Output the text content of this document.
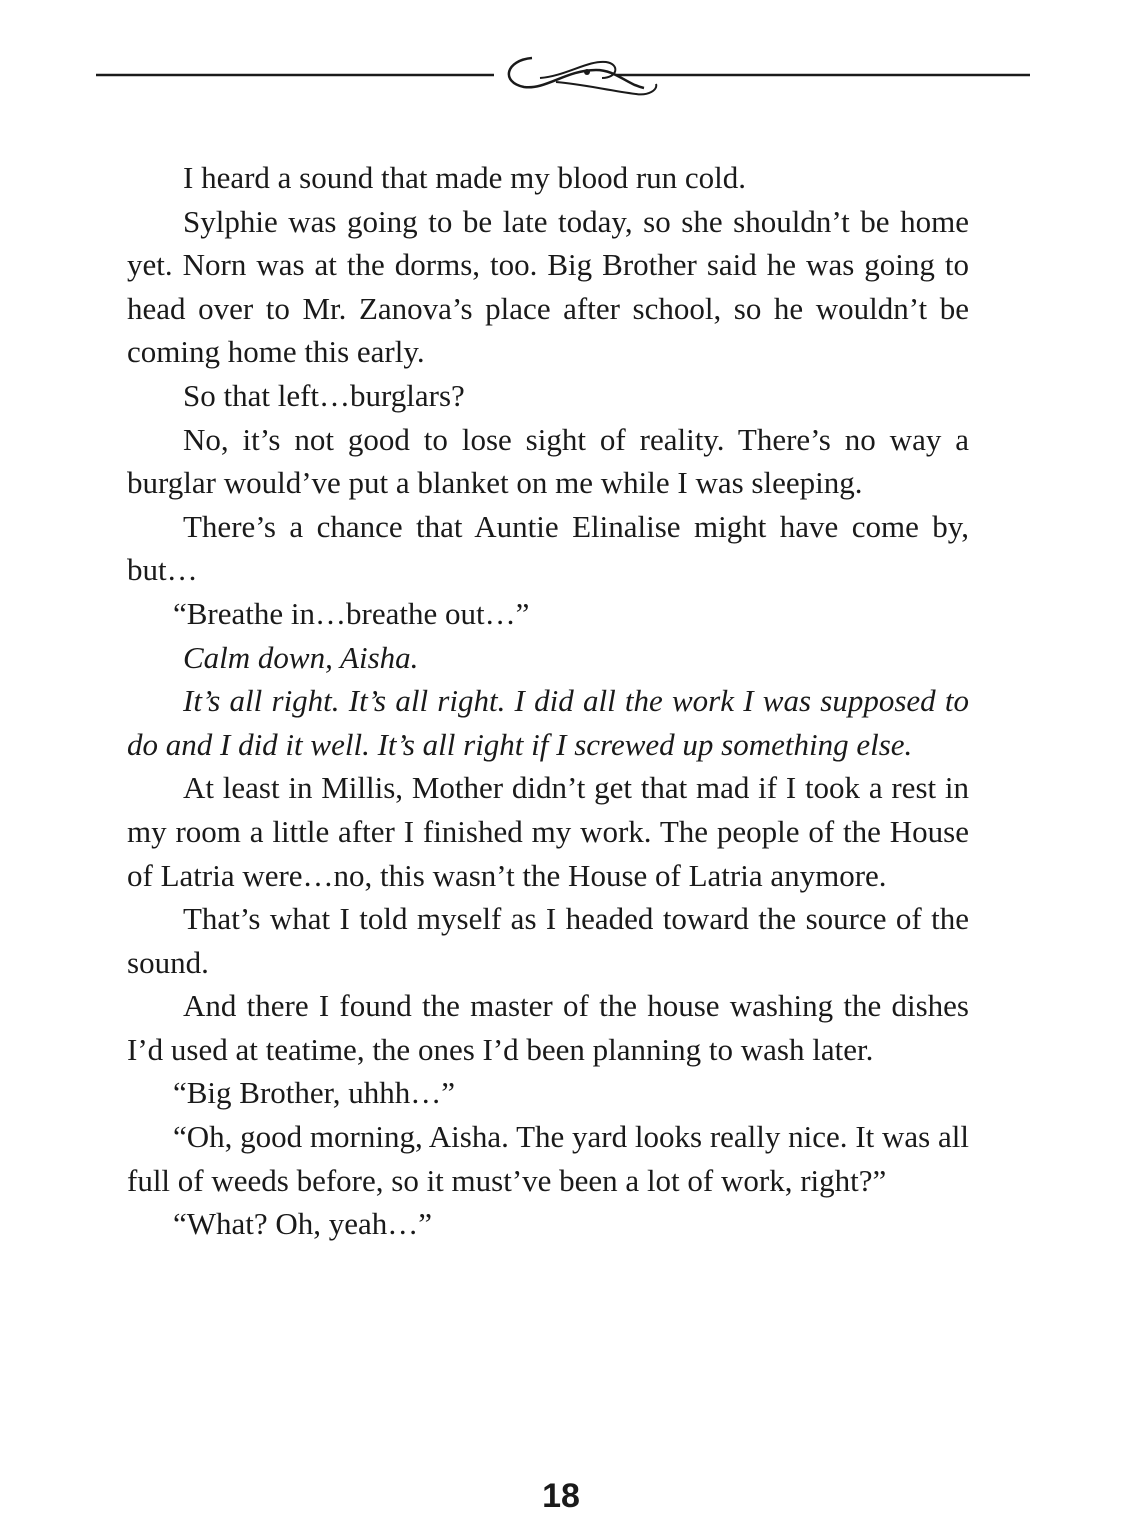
I heard a sound that made my blood run cold.

Sylphie was going to be late today, so she shouldn’t be home yet. Norn was at the dorms, too. Big Brother said he was going to head over to Mr. Zanova’s place after school, so he wouldn’t be coming home this early.

So that left…burglars?

No, it’s not good to lose sight of reality. There’s no way a burglar would’ve put a blanket on me while I was sleeping.

There’s a chance that Auntie Elinalise might have come by, but…

“Breathe in…breathe out…”

Calm down, Aisha.

It’s all right. It’s all right. I did all the work I was supposed to do and I did it well. It’s all right if I screwed up something else.

At least in Millis, Mother didn’t get that mad if I took a rest in my room a little after I finished my work. The people of the House of Latria were…no, this wasn’t the House of Latria anymore.

That’s what I told myself as I headed toward the source of the sound.

And there I found the master of the house washing the dishes I’d used at teatime, the ones I’d been planning to wash later.

“Big Brother, uhhh…”

“Oh, good morning, Aisha. The yard looks really nice. It was all full of weeds before, so it must’ve been a lot of work, right?”

“What? Oh, yeah…”

18
